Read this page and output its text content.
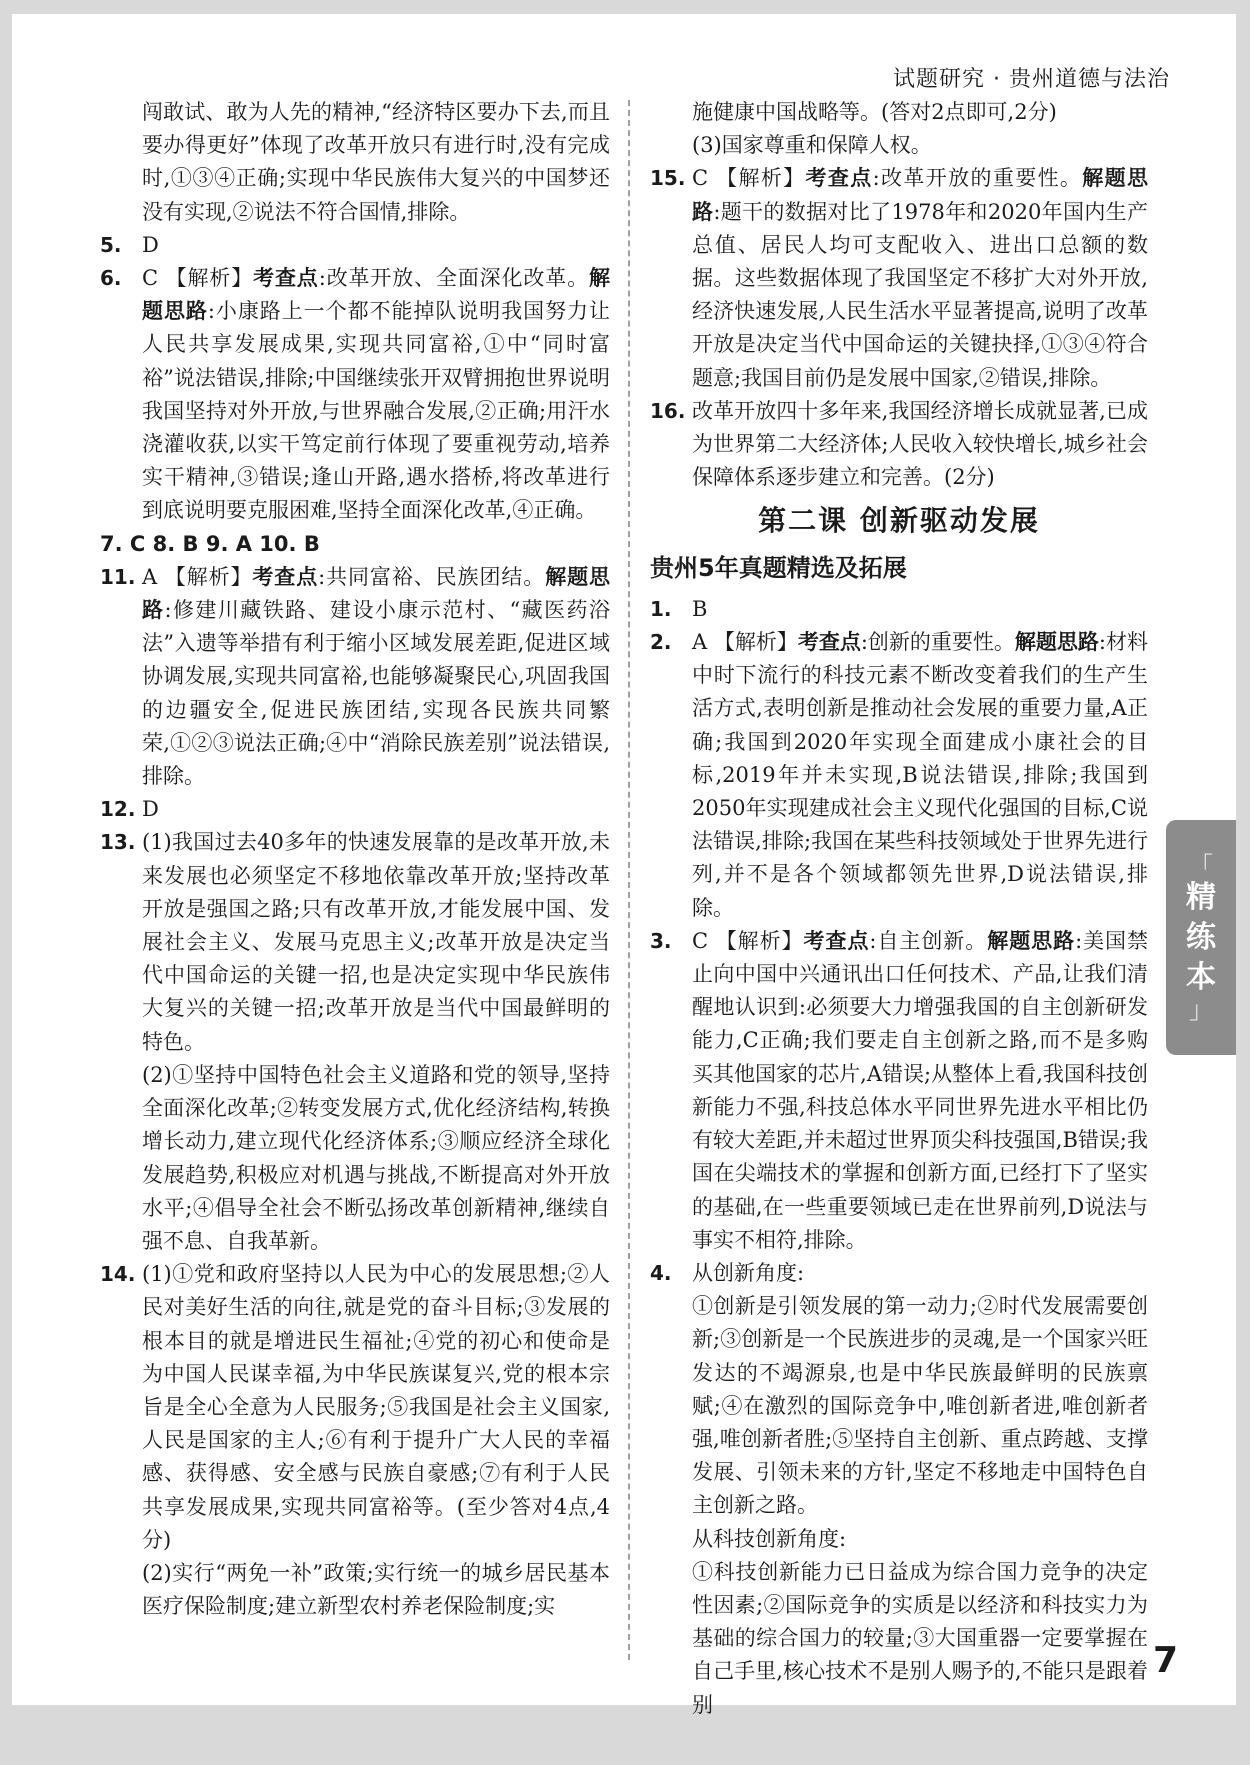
试题研究 · 贵州道德与法治
闯敢试、敢为人先的精神,“经济特区要办下去,而且要办得更好”体现了改革开放只有进行时,没有完成时,①③④正确;实现中华民族伟大复兴的中国梦还没有实现,②说法不符合国情,排除。
5. D
6. C 【解析】考查点:改革开放、全面深化改革。解题思路:小康路上一个都不能掉队说明我国努力让人民共享发展成果,实现共同富裕,①中“同时富裕”说法错误,排除;中国继续张开双臂拥抱世界说明我国坚持对外开放,与世界融合发展,②正确;用汗水浇灌收获,以实干笃定前行体现了要重视劳动,培养实干精神,③错误;逢山开路,遇水搭桥,将改革进行到底说明要克服困难,坚持全面深化改革,④正确。
7. C 8. B 9. A 10. B
11. A 【解析】考查点:共同富裕、民族团结。解题思路:修建川藏铁路、建设小康示范村、“藏医药浴法”入遗等举措有利于缩小区域发展差距,促进区域协调发展,实现共同富裕,也能够凝聚民心,巩固我国的边疆安全,促进民族团结,实现各民族共同繁荣,①②③说法正确;④中“消除民族差别”说法错误,排除。
12. D
13. (1)我国过去40多年的快速发展靠的是改革开放,未来发展也必须坚定不移地依靠改革开放;坚持改革开放是强国之路;只有改革开放,才能发展中国、发展社会主义、发展马克思主义;改革开放是决定当代中国命运的关键一招,也是决定实现中华民族伟大复兴的关键一招;改革开放是当代中国最鲜明的特色。
(2)①坚持中国特色社会主义道路和党的领导,坚持全面深化改革;②转变发展方式,优化经济结构,转换增长动力,建立现代化经济体系;③顺应经济全球化发展趋势,积极应对机遇与挑战,不断提高对外开放水平;④倡导全社会不断弘扬改革创新精神,继续自强不息、自我革新。
14. (1)①党和政府坚持以人民为中心的发展思想;②人民对美好生活的向往,就是党的奋斗目标;③发展的根本目的就是增进民生福祉;④党的初心和使命是为中国人民谋幸福,为中华民族谋复兴,党的根本宗旨是全心全意为人民服务;⑤我国是社会主义国家,人民是国家的主人;⑥有利于提升广大人民的幸福感、获得感、安全感与民族自豪感;⑦有利于人民共享发展成果,实现共同富裕等。(至少答对4点,4分)
(2)实行“两免一补”政策;实行统一的城乡居民基本医疗保险制度;建立新型农村养老保险制度;实
施健康中国战略等。(答对2点即可,2分)
(3)国家尊重和保障人权。
15. C 【解析】考查点:改革开放的重要性。解题思路:题干的数据对比了1978年和2020年国内生产总值、居民人均可支配收入、进出口总额的数据。这些数据体现了我国坚定不移扩大对外开放,经济快速发展,人民生活水平显著提高,说明了改革开放是决定当代中国命运的关键抉择,①③④符合题意;我国目前仍是发展中国家,②错误,排除。
16. 改革开放四十多年来,我国经济增长成就显著,已成为世界第二大经济体;人民收入较快增长,城乡社会保障体系逐步建立和完善。(2分)
第二课 创新驱动发展
贵州5年真题精选及拓展
1. B
2. A 【解析】考查点:创新的重要性。解题思路:材料中时下流行的科技元素不断改变着我们的生产生活方式,表明创新是推动社会发展的重要力量,A正确;我国到2020年实现全面建成小康社会的目标,2019年并未实现,B说法错误,排除;我国到2050年实现建成社会主义现代化强国的目标,C说法错误,排除;我国在某些科技领域处于世界先进行列,并不是各个领域都领先世界,D说法错误,排除。
3. C 【解析】考查点:自主创新。解题思路:美国禁止向中国中兴通讯出口任何技术、产品,让我们清醒地认识到:必须要大力增强我国的自主创新研发能力,C正确;我们要走自主创新之路,而不是多购买其他国家的芯片,A错误;从整体上看,我国科技创新能力不强,科技总体水平同世界先进水平相比仍有较大差距,并未超过世界顶尖科技强国,B错误;我国在尖端技术的掌握和创新方面,已经打下了坚实的基础,在一些重要领域已走在世界前列,D说法与事实不相符,排除。
4. 从创新角度:
①创新是引领发展的第一动力;②时代发展需要创新;③创新是一个民族进步的灵魂,是一个国家兴旺发达的不竭源泉,也是中华民族最鲜明的民族禀赋;④在激烈的国际竞争中,唯创新者进,唯创新者强,唯创新者胜;⑤坚持自主创新、重点跨越、支撑发展、引领未来的方针,坚定不移地走中国特色自主创新之路。
从科技创新角度:
①科技创新能力已日益成为综合国力竞争的决定性因素;②国际竞争的实质是以经济和科技实力为基础的综合国力的较量;③大国重器一定要掌握在自己手里,核心技术不是别人赐予的,不能只是跟着别
「
精
练
本
」
7
